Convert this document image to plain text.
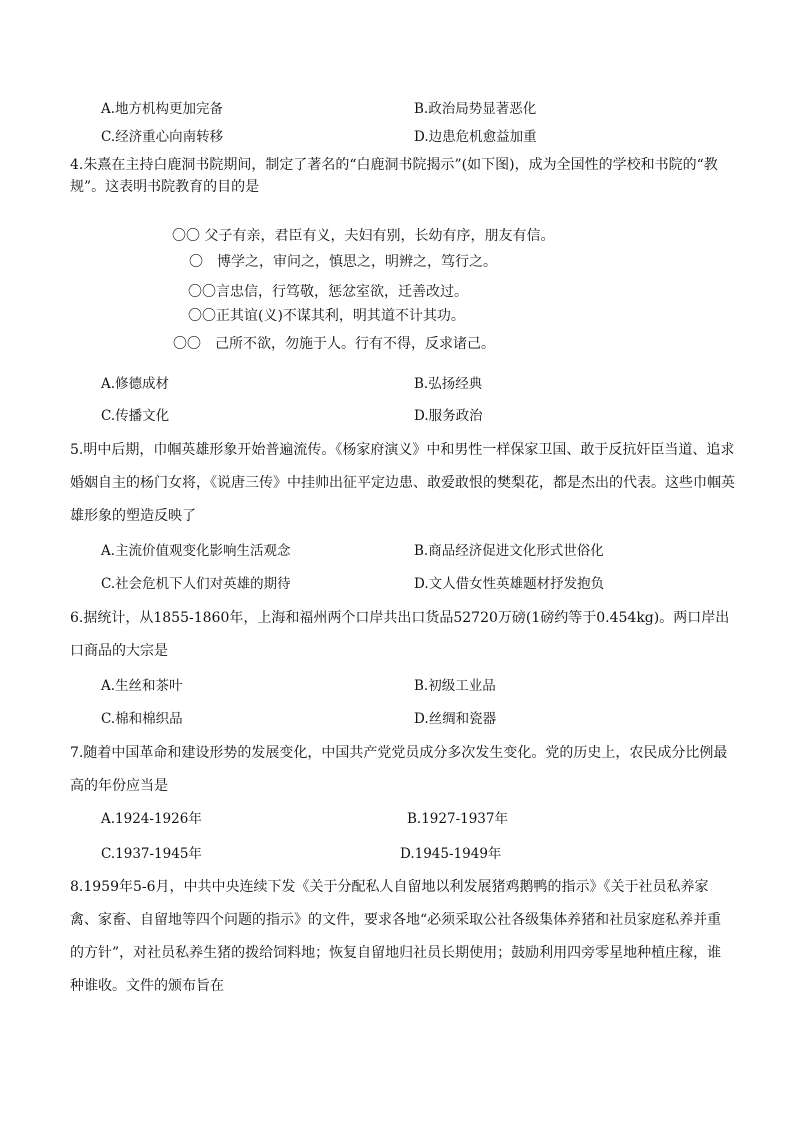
A.地方机构更加完备	B.政治局势显著恶化
C.经济重心向南转移	D.边患危机愈益加重
4.朱熹在主持白鹿洞书院期间，制定了著名的“白鹿洞书院揭示”(如下图)，成为全国性的学校和书院的“教规”。这表明书院教育的目的是
〇〇 父子有亲，君臣有义，夫妇有别，长幼有序，朋友有信。
〇　博学之，审问之，慎思之，明辨之，笃行之。
〇〇言忠信，行笃敬，惩忿室欲，迁善改过。
〇〇正其谊(义)不谋其利，明其道不计其功。
〇〇　己所不欲，勿施于人。行有不得，反求诸己。
A.修德成材	B.弘扬经典
C.传播文化	D.服务政治
5.明中后期，巾帼英雄形象开始普遍流传。《杨家府演义》中和男性一样保家卫国、敢于反抗奸臣当道、追求婚姻自主的杨门女将，《说唐三传》中挂帅出征平定边患、敢爱敢恨的樊梨花，都是杰出的代表。这些巾帼英雄形象的塑造反映了
A.主流价值观变化影响生活观念	B.商品经济促进文化形式世俗化
C.社会危机下人们对英雄的期待	D.文人借女性英雄题材抒发抱负
6.据统计，从1855-1860年，上海和福州两个口岸共出口货品52720万磅(1磅约等于0.454kg)。两口岸出口商品的大宗是
A.生丝和茶叶	B.初级工业品
C.棉和棉织品	D.丝绸和瓷器
7.随着中国革命和建设形势的发展变化，中国共产党党员成分多次发生变化。党的历史上，农民成分比例最高的年份应当是
A.1924-1926年	B.1927-1937年
C.1937-1945年	D.1945-1949年
8.1959年5-6月，中共中央连续下发《关于分配私人自留地以利发展猪鸡鹅鸭的指示》《关于社员私养家禽、家畜、自留地等四个问题的指示》的文件，要求各地“必须采取公社各级集体养猪和社员家庭私养并重的方针”，对社员私养生猪的拨给饲料地；恢复自留地归社员长期使用；鼓励利用四旁零星地种植庄稼，谁种谁收。文件的颁布旨在
